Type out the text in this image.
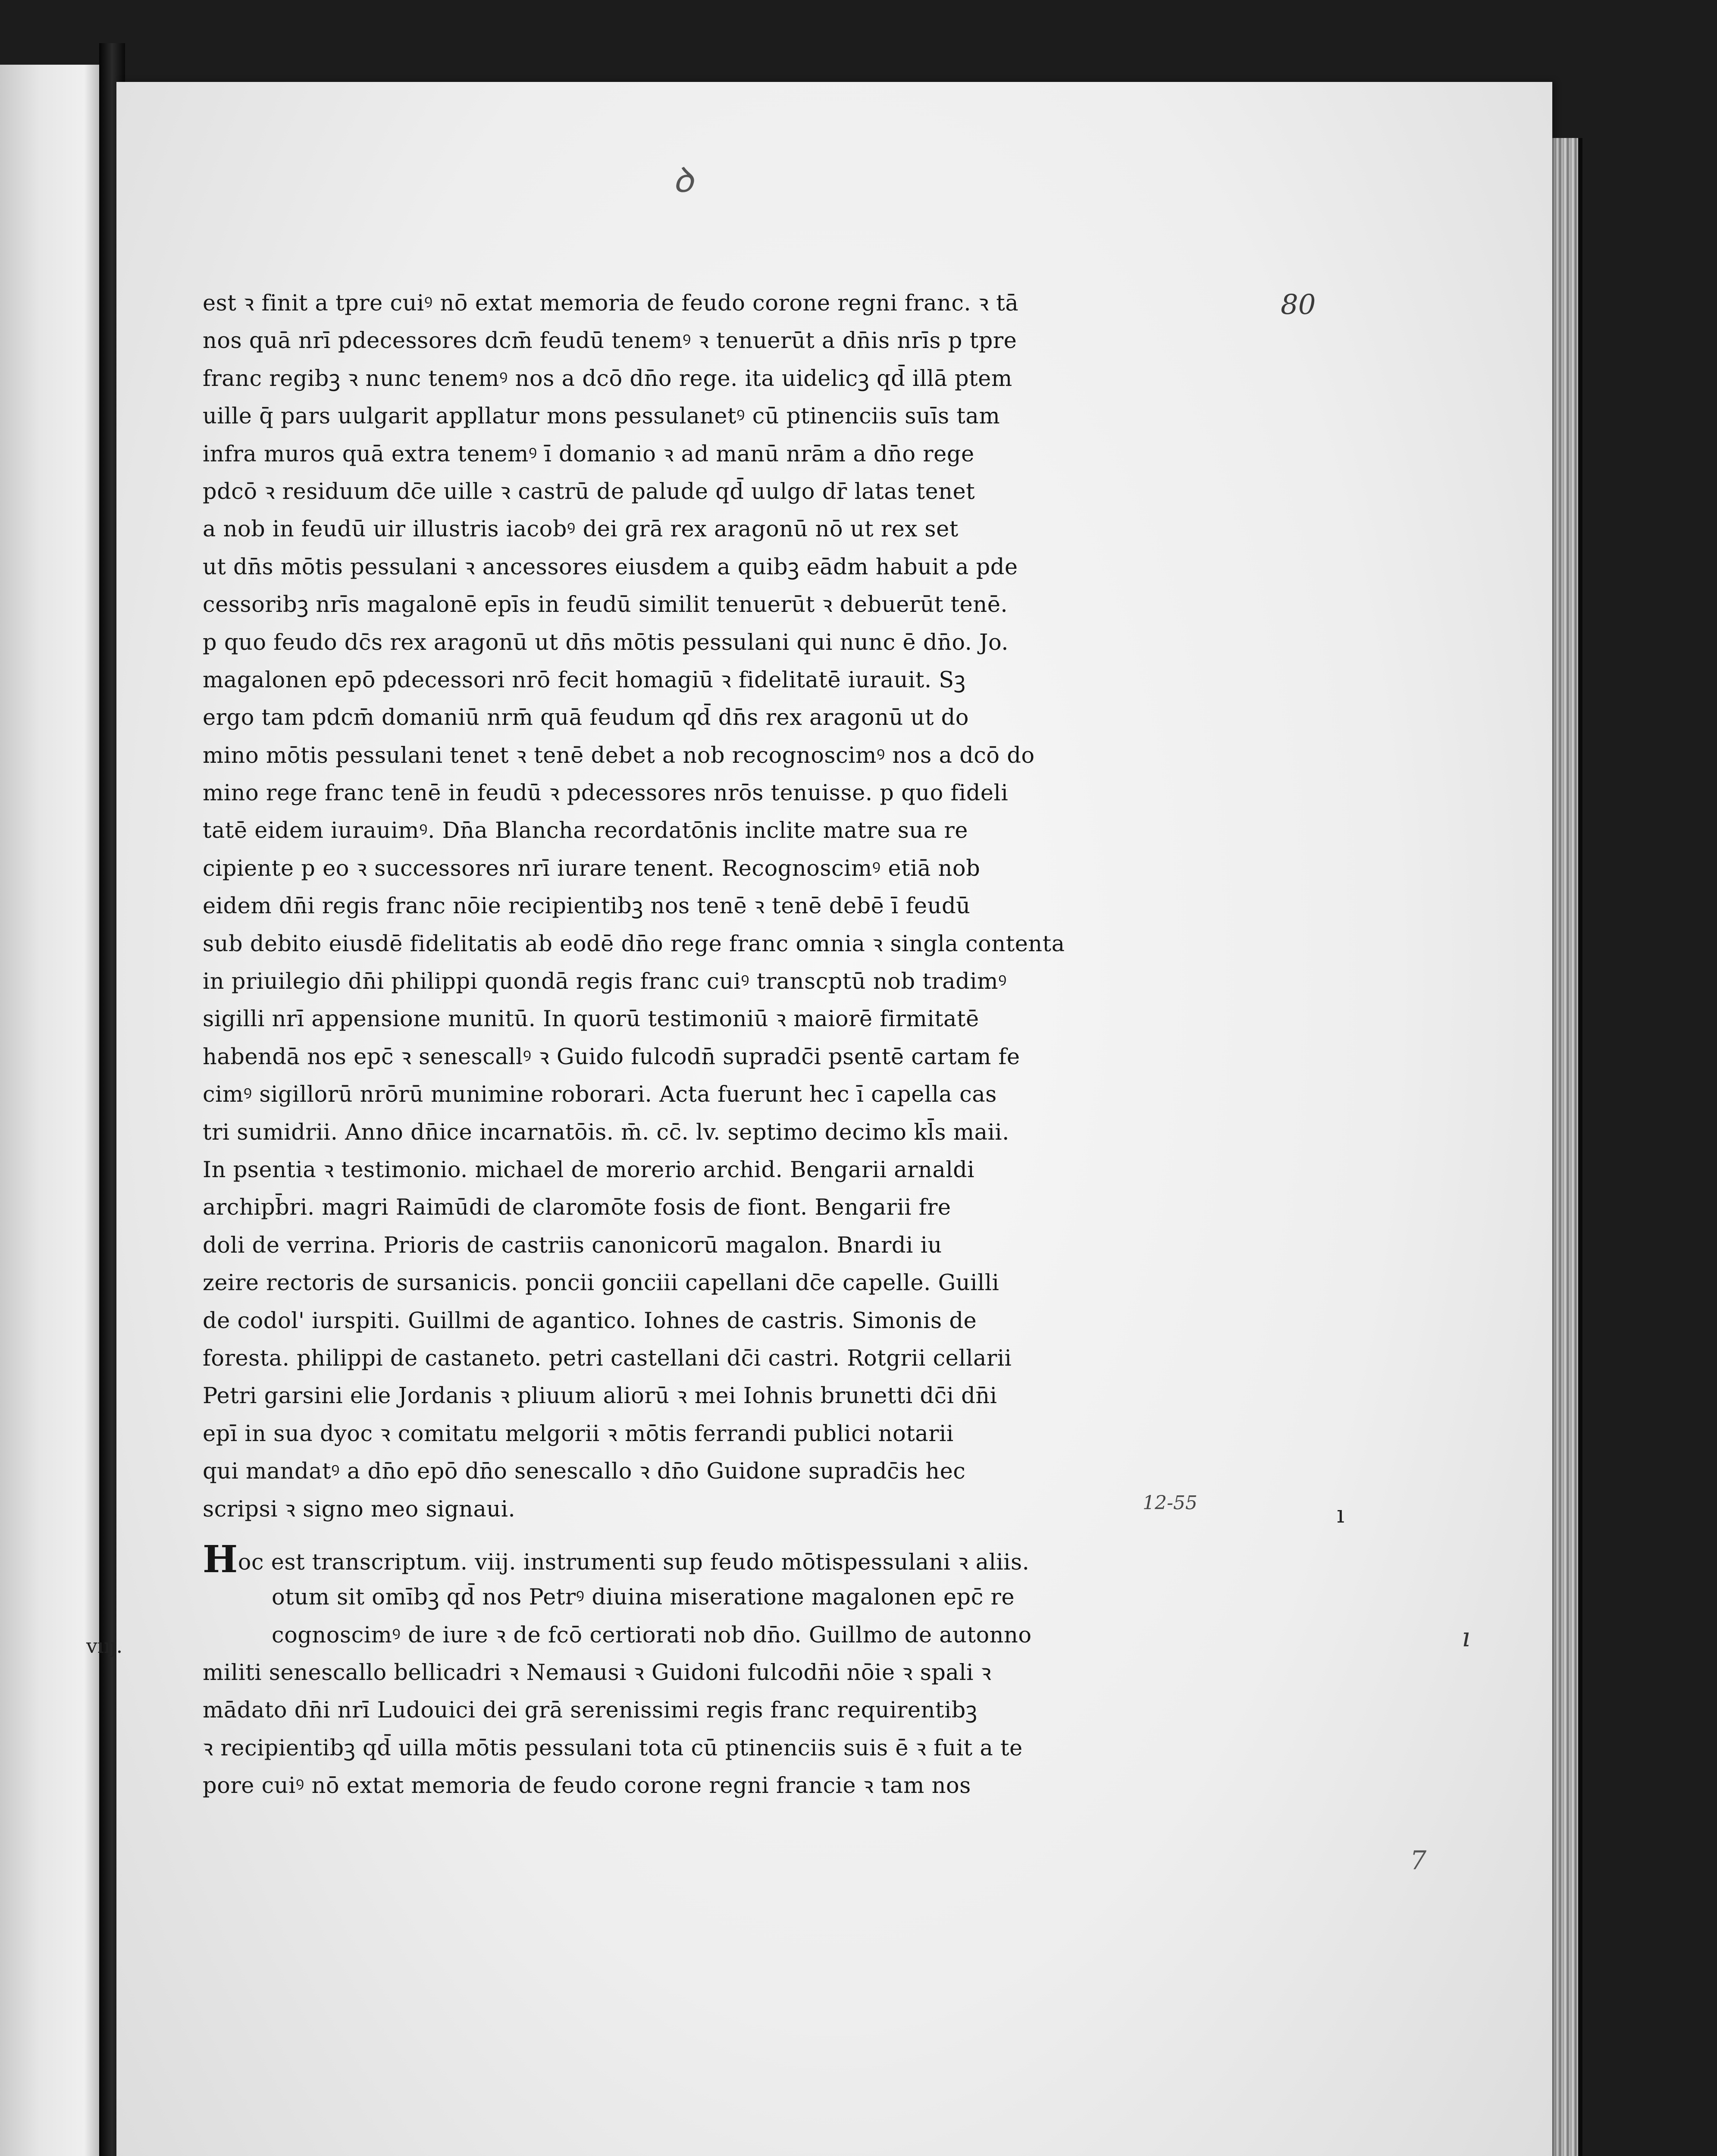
ꝺ

80

12-55	ı

ı

7

vııȷ.

est ꝛ finit a tpre cuiꝰ nō extat memoria de feudo corone regni franc. ꝛ tā
nos quā nrī pdecessores dcm̄ feudū tenemꝰ ꝛ tenuerūt a dn̄is nrīs p tpre
franc regibꝫ ꝛ nunc tenemꝰ nos a dcō dn̄o rege. ita uidelicꝫ qd̄ illā ptem
uille q̄ pars uulgarit appllatur mons pessulanetꝰ cū ptinenciis suīs tam
infra muros quā extra tenemꝰ ī domanio ꝛ ad manū nrām a dn̄o rege
pdcō ꝛ residuum dc̄e uille ꝛ castrū de palude qd̄ uulgo dr̄ latas tenet
a nob in feudū uir illustris iacobꝰ dei grā rex aragonū nō ut rex set
ut dn̄s mōtis pessulani ꝛ ancessores eiusdem a quibꝫ eādm habuit a pde
cessoribꝫ nrīs magalonē epīs in feudū similit tenuerūt ꝛ debuerūt tenē.
p quo feudo dc̄s rex aragonū ut dn̄s mōtis pessulani qui nunc ē dn̄o. Jo.
magalonen epō pdecessori nrō fecit homagiū ꝛ fidelitatē iurauit. Sꝫ
ergo tam pdcm̄ domaniū nrm̄ quā feudum qd̄ dn̄s rex aragonū ut do
mino mōtis pessulani tenet ꝛ tenē debet a nob recognoscimꝰ nos a dcō do
mino rege franc tenē in feudū ꝛ pdecessores nrōs tenuisse. p quo fideli
tatē eidem iurauimꝰ. Dn̄a Blancha recordatōnis inclite matre sua re
cipiente p eo ꝛ successores nrī iurare tenent. Recognoscimꝰ etiā nob
eidem dn̄i regis franc nōie recipientibꝫ nos tenē ꝛ tenē debē ī feudū
sub debito eiusdē fidelitatis ab eodē dn̄o rege franc omnia ꝛ singla contenta
in priuilegio dn̄i philippi quondā regis franc cuiꝰ transcptū nob tradimꝰ
sigilli nrī appensione munitū. In quorū testimoniū ꝛ maiorē firmitatē
habendā nos epc̄ ꝛ senescallꝰ ꝛ Guido fulcodn̄ supradc̄i psentē cartam fe
cimꝰ sigillorū nrōrū munimine roborari. Acta fuerunt hec ī capella cas
tri sumidrii. Anno dn̄ice incarnatōis. m̄. cc̄. lv. septimo decimo kl̄s maii.
In psentia ꝛ testimonio. michael de morerio archid. Bengarii arnaldi
archipb̄ri. magri Raimūdi de claromōte fosis de fiont. Bengarii fre
doli de verrina. Prioris de castriis canonicorū magalon. Bnardi iu
zeire rectoris de sursanicis. poncii gonciii capellani dc̄e capelle. Guilli
de codol' iurspiti. Guillmi de agantico. Iohnes de castris. Simonis de
foresta. philippi de castaneto. petri castellani dc̄i castri. Rotgrii cellarii
Petri garsini elie Jordanis ꝛ pliuum aliorū ꝛ mei Iohnis brunetti dc̄i dn̄i
epī in sua dyoc ꝛ comitatu melgorii ꝛ mōtis ferrandi publici notarii
qui mandatꝰ a dn̄o epō dn̄o senescallo ꝛ dn̄o Guidone supradc̄is hec
scripsi ꝛ signo meo signaui.
Hoc est transcriptum. viij. instrumenti sup feudo mōtispessulani ꝛ aliis.
otum sit omībꝫ qd̄ nos Petrꝰ diuina miseratione magalonen epc̄ re
cognoscimꝰ de iure ꝛ de fcō certiorati nob dn̄o. Guillmo de autonno
militi senescallo bellicadri ꝛ Nemausi ꝛ Guidoni fulcodn̄i nōie ꝛ spali ꝛ
mādato dn̄i nrī Ludouici dei grā serenissimi regis franc requirentibꝫ
ꝛ recipientibꝫ qd̄ uilla mōtis pessulani tota cū ptinenciis suis ē ꝛ fuit a te
pore cuiꝰ nō extat memoria de feudo corone regni francie ꝛ tam nos
